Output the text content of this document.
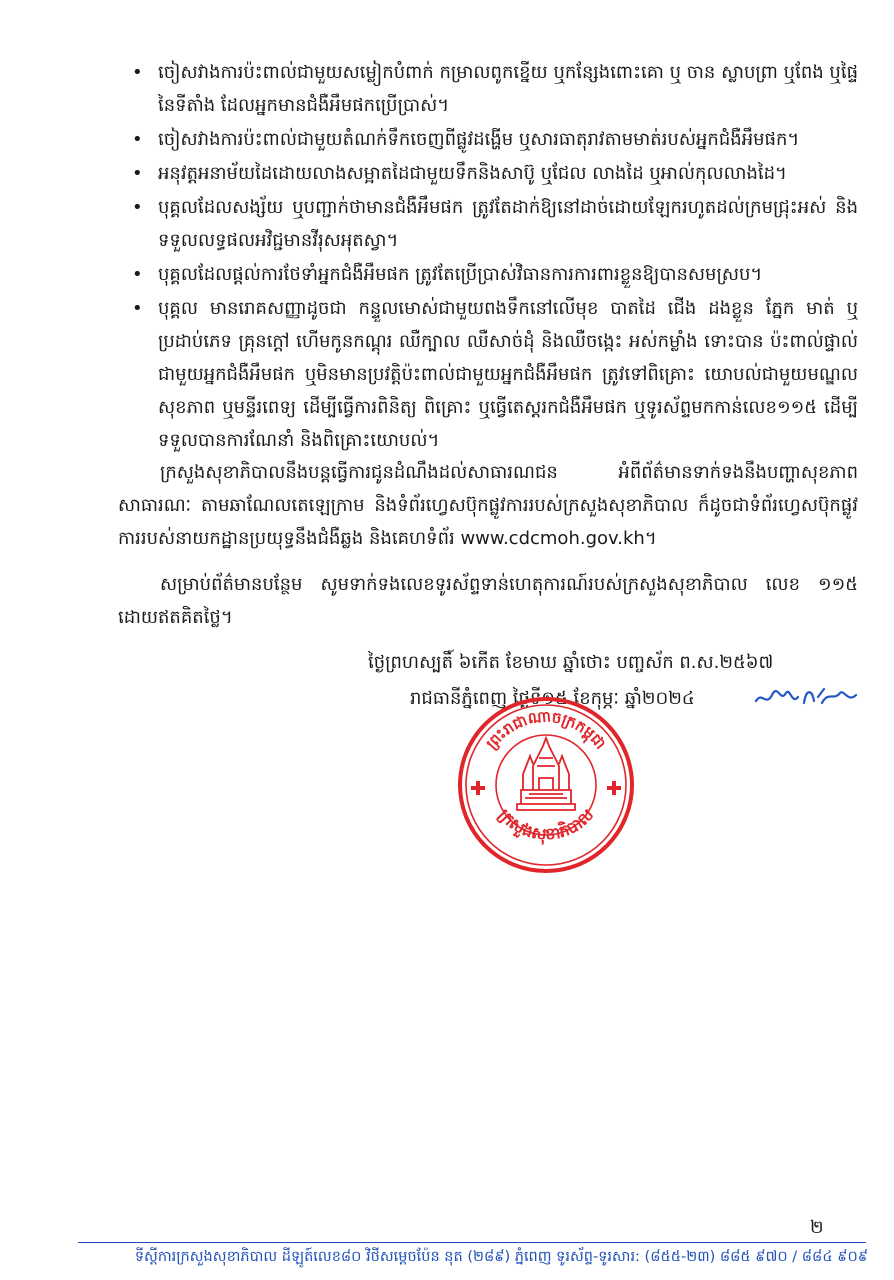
• ចៀសវាងការប៉ះពាល់ជាមួយសម្លៀកបំពាក់ កម្រាលពូកខ្នើយ ឬកន្សែងពោះគោ ឬ ចាន ស្លាបព្រា ឬពែង ឬផ្ទៃនៃទីតាំង ដែលអ្នកមានជំងឺអឹមផកប្រើប្រាស់។
• ចៀសវាងការប៉ះពាល់ជាមួយតំណក់ទឹកចេញពីផ្លូវដង្ហើម ឬសារធាតុរាវតាមមាត់របស់អ្នកជំងឺអឹមផក។
• អនុវត្តអនាម័យដៃដោយលាងសម្អាតដៃជាមួយទឹកនិងសាប៊ូ ឬជែល លាងដៃ ឬអាល់កុលលាងដៃ។
• បុគ្គលដែលសង្ស័យ ឬបញ្ជាក់ថាមានជំងឺអឹមផក ត្រូវតែដាក់ឱ្យនៅដាច់ដោយឡែករហូតដល់ក្រមជ្រុះអស់ និងទទួលលទ្ធផលអវិជ្ជមានវីរុសអុតស្វា។
• បុគ្គលដែលផ្តល់ការថែទាំអ្នកជំងឺអឹមផក ត្រូវតែប្រើប្រាស់វិធានការការពារខ្លួនឱ្យបានសមស្រប។
• បុគ្គល មានរោគសញ្ញាដូចជា កន្ទួលមោស់ជាមួយពងទឹកនៅលើមុខ បាតដៃ ជើង ដងខ្លួន ភ្នែក មាត់ ឬប្រដាប់ភេទ គ្រុនក្តៅ ហើមកូនកណ្តុរ ឈឺក្បាល ឈឺសាច់ដុំ និងឈឺចង្កេះ អស់កម្លាំង ទោះបាន ប៉ះពាល់ផ្ទាល់ជាមួយអ្នកជំងឺអឹមផក ឬមិនមានប្រវត្តិប៉ះពាល់ជាមួយអ្នកជំងឺអឹមផក ត្រូវទៅពិគ្រោះ យោបល់ជាមួយមណ្ឌលសុខភាព ឬមន្ទីរពេទ្យ ដើម្បីធ្វើការពិនិត្យ ពិគ្រោះ ឬធ្វើតេស្តរកជំងឺអឹមផក ឬទូរស័ព្ទមកកាន់លេខ១១៥ ដើម្បីទទួលបានការណែនាំ និងពិគ្រោះយោបល់។

ក្រសួងសុខាភិបាលនឹងបន្តធ្វើការជូនដំណឹងដល់សាធារណជន អំពីព័ត៌មានទាក់ទងនឹងបញ្ហាសុខភាពសាធារណៈ តាមឆាណែលតេឡេក្រាម និងទំព័រហ្វេសប៊ុកផ្លូវការរបស់ក្រសួងសុខាភិបាល ក៏ដូចជាទំព័រហ្វេសប៊ុកផ្លូវការរបស់នាយកដ្ឋានប្រយុទ្ធនឹងជំងឺឆ្លង និងគេហទំព័រ www.cdcmoh.gov.kh។

សម្រាប់ព័ត៌មានបន្ថែម សូមទាក់ទងលេខទូរស័ព្ទទាន់ហេតុការណ៍របស់ក្រសួងសុខាភិបាល លេខ ១១៥ ដោយឥតគិតថ្លៃ។

ថ្ងៃព្រហស្បតិ៍ ៦កើត ខែមាឃ ឆ្នាំថោះ បញ្ចស័ក ព.ស.២៥៦៧
រាជធានីភ្នំពេញ ថ្ងៃទី១៥ ខែកុម្ភៈ ឆ្នាំ២០២៤
ព្រះរាជាណាចក្រកម្ពុជា
ក្រសួងសុខាភិបាល
២
ទីស្តីការក្រសួងសុខាភិបាល ដីឡូត៍លេខ៨០ វិថីសម្តេចប៉ែន នុត (២៨៩) ភ្នំពេញ ទូរស័ព្ទ-ទូរសារ: (៨៥៥-២៣) ៨៨៥ ៩៧០ / ៨៨៤ ៩០៩
